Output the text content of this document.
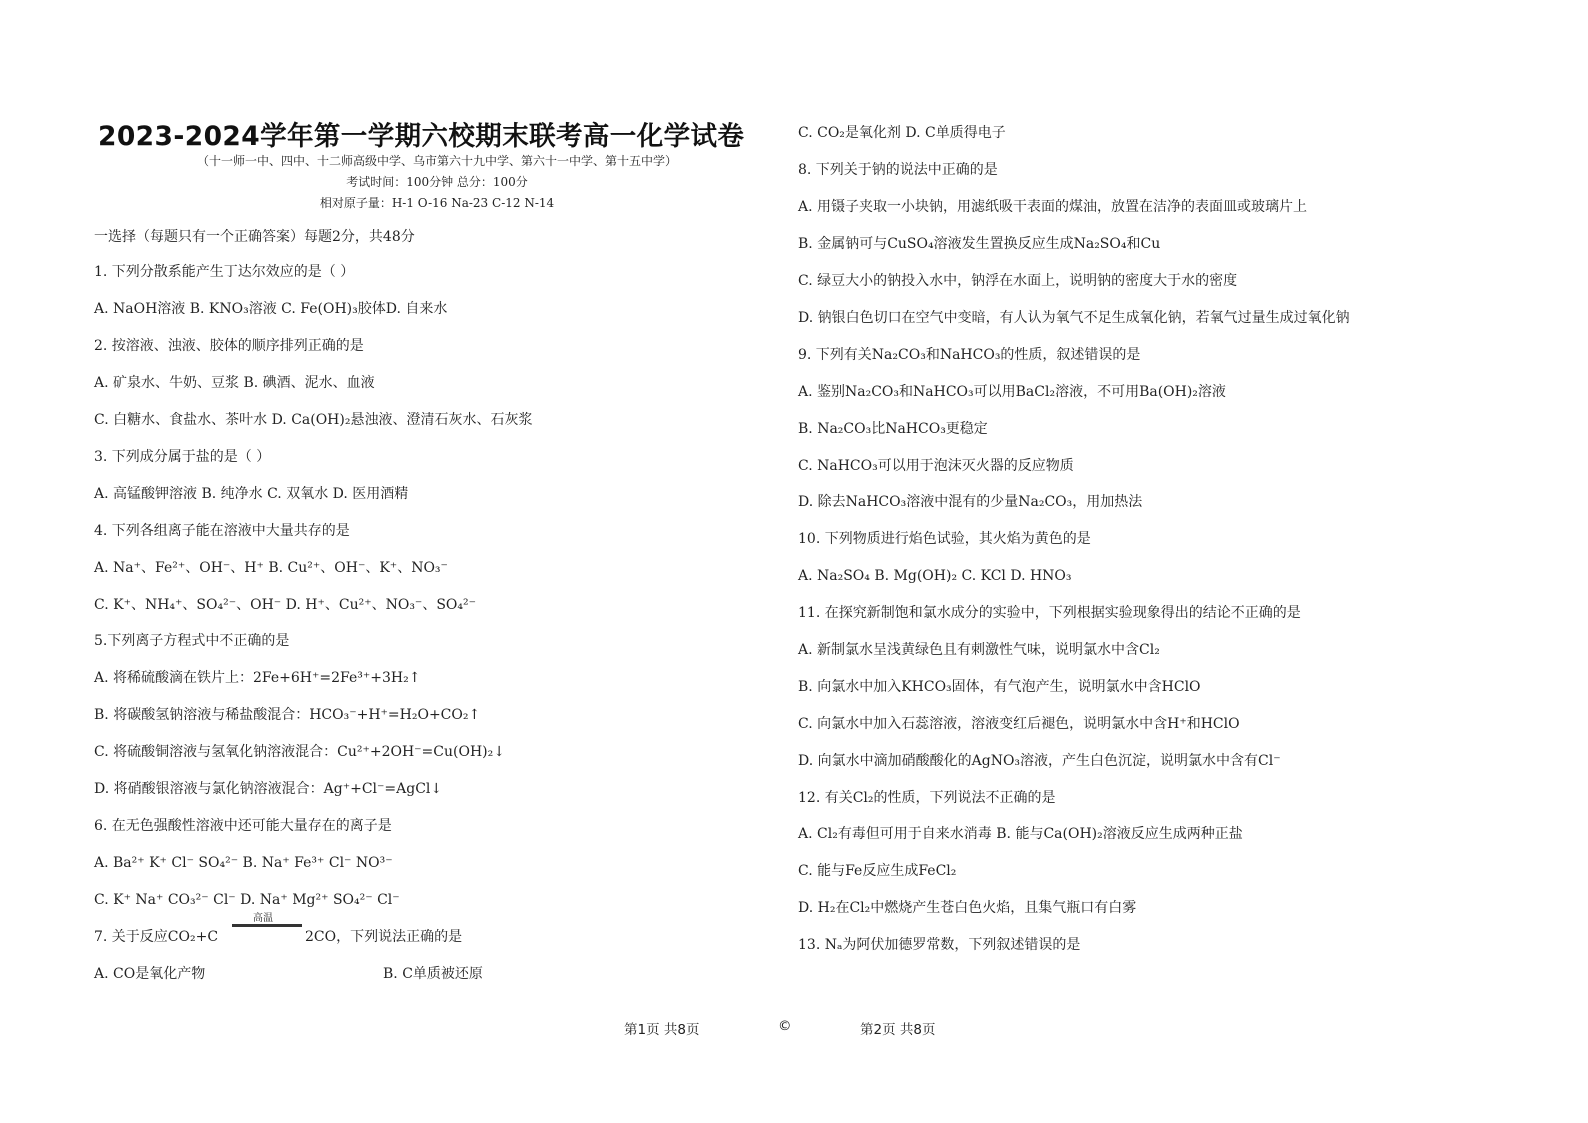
2023-2024学年第一学期六校期末联考高一化学试卷
（十一师一中、四中、十二师高级中学、乌市第六十九中学、第六十一中学、第十五中学）
考试时间：100分钟 总分：100分
相对原子量：H-1 O-16 Na-23 C-12 N-14
一选择（每题只有一个正确答案）每题2分，共48分
1. 下列分散系能产生丁达尔效应的是（ ）
A. NaOH溶液 B. KNO₃溶液 C. Fe(OH)₃胶体D. 自来水
2. 按溶液、浊液、胶体的顺序排列正确的是
A. 矿泉水、牛奶、豆浆 B. 碘酒、泥水、血液
C. 白糖水、食盐水、茶叶水 D. Ca(OH)₂悬浊液、澄清石灰水、石灰浆
3. 下列成分属于盐的是（ ）
A. 高锰酸钾溶液 B. 纯净水 C. 双氧水 D. 医用酒精
4. 下列各组离子能在溶液中大量共存的是
A. Na⁺、Fe²⁺、OH⁻、H⁺ B. Cu²⁺、OH⁻、K⁺、NO₃⁻
C. K⁺、NH₄⁺、SO₄²⁻、OH⁻ D. H⁺、Cu²⁺、NO₃⁻、SO₄²⁻
5.下列离子方程式中不正确的是
A. 将稀硫酸滴在铁片上：2Fe+6H⁺=2Fe³⁺+3H₂↑
B. 将碳酸氢钠溶液与稀盐酸混合：HCO₃⁻+H⁺=H₂O+CO₂↑
C. 将硫酸铜溶液与氢氧化钠溶液混合：Cu²⁺+2OH⁻=Cu(OH)₂↓
D. 将硝酸银溶液与氯化钠溶液混合：Ag⁺+Cl⁻=AgCl↓
6. 在无色强酸性溶液中还可能大量存在的离子是
A. Ba²⁺ K⁺ Cl⁻ SO₄²⁻ B. Na⁺ Fe³⁺ Cl⁻ NO³⁻
C. K⁺ Na⁺ CO₃²⁻ Cl⁻ D. Na⁺ Mg²⁺ SO₄²⁻ Cl⁻
7. 关于反应CO₂+C
高温
2CO，下列说法正确的是
A. CO是氧化产物	B. C单质被还原
C. CO₂是氧化剂 D. C单质得电子
8. 下列关于钠的说法中正确的是
A. 用镊子夹取一小块钠，用滤纸吸干表面的煤油，放置在洁净的表面皿或玻璃片上
B. 金属钠可与CuSO₄溶液发生置换反应生成Na₂SO₄和Cu
C. 绿豆大小的钠投入水中，钠浮在水面上，说明钠的密度大于水的密度
D. 钠银白色切口在空气中变暗，有人认为氧气不足生成氧化钠，若氧气过量生成过氧化钠
9. 下列有关Na₂CO₃和NaHCO₃的性质，叙述错误的是
A. 鉴别Na₂CO₃和NaHCO₃可以用BaCl₂溶液，不可用Ba(OH)₂溶液
B. Na₂CO₃比NaHCO₃更稳定
C. NaHCO₃可以用于泡沫灭火器的反应物质
D. 除去NaHCO₃溶液中混有的少量Na₂CO₃，用加热法
10. 下列物质进行焰色试验，其火焰为黄色的是
A. Na₂SO₄ B. Mg(OH)₂ C. KCl D. HNO₃
11. 在探究新制饱和氯水成分的实验中，下列根据实验现象得出的结论不正确的是
A. 新制氯水呈浅黄绿色且有刺激性气味，说明氯水中含Cl₂
B. 向氯水中加入KHCO₃固体，有气泡产生，说明氯水中含HClO
C. 向氯水中加入石蕊溶液，溶液变红后褪色，说明氯水中含H⁺和HClO
D. 向氯水中滴加硝酸酸化的AgNO₃溶液，产生白色沉淀，说明氯水中含有Cl⁻
12. 有关Cl₂的性质，下列说法不正确的是
A. Cl₂有毒但可用于自来水消毒 B. 能与Ca(OH)₂溶液反应生成两种正盐
C. 能与Fe反应生成FeCl₂
D. H₂在Cl₂中燃烧产生苍白色火焰，且集气瓶口有白雾
13. Nₐ为阿伏加德罗常数，下列叙述错误的是
第1页 共8页	©	第2页 共8页
